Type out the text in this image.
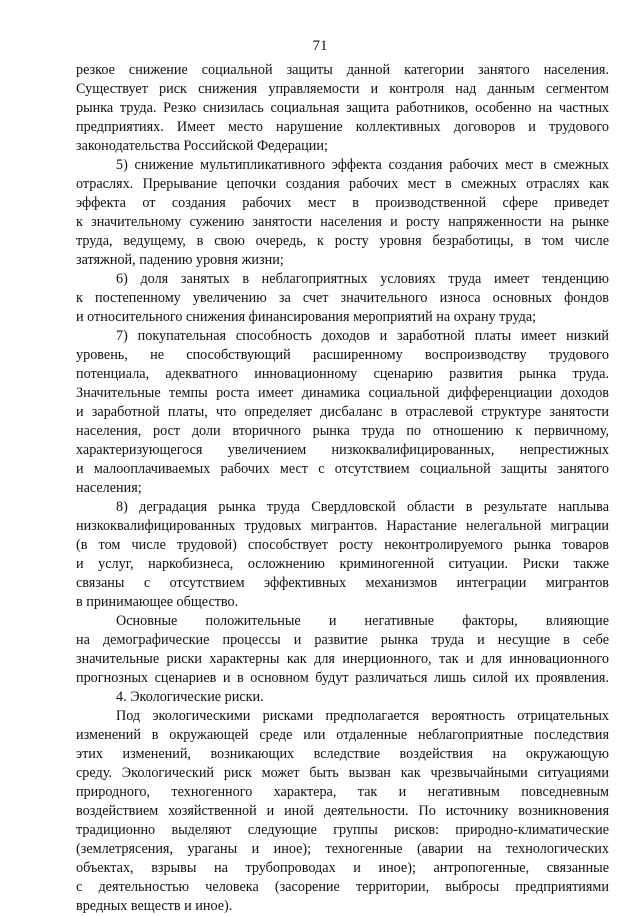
71
резкое снижение социальной защиты данной категории занятого населения.
Существует риск снижения управляемости и контроля над данным сегментом
рынка труда. Резко снизилась социальная защита работников, особенно на частных
предприятиях. Имеет место нарушение коллективных договоров и трудового
законодательства Российской Федерации;
5) снижение мультипликативного эффекта создания рабочих мест в смежных
отраслях. Прерывание цепочки создания рабочих мест в смежных отраслях как
эффекта от создания рабочих мест в производственной сфере приведет
к значительному сужению занятости населения и росту напряженности на рынке
труда, ведущему, в свою очередь, к росту уровня безработицы, в том числе
затяжной, падению уровня жизни;
6) доля занятых в неблагоприятных условиях труда имеет тенденцию
к постепенному увеличению за счет значительного износа основных фондов
и относительного снижения финансирования мероприятий на охрану труда;
7) покупательная способность доходов и заработной платы имеет низкий
уровень, не способствующий расширенному воспроизводству трудового
потенциала, адекватного инновационному сценарию развития рынка труда.
Значительные темпы роста имеет динамика социальной дифференциации доходов
и заработной платы, что определяет дисбаланс в отраслевой структуре занятости
населения, рост доли вторичного рынка труда по отношению к первичному,
характеризующегося увеличением низкоквалифицированных, непрестижных
и малооплачиваемых рабочих мест с отсутствием социальной защиты занятого
населения;
8) деградация рынка труда Свердловской области в результате наплыва
низкоквалифицированных трудовых мигрантов. Нарастание нелегальной миграции
(в том числе трудовой) способствует росту неконтролируемого рынка товаров
и услуг, наркобизнеса, осложнению криминогенной ситуации. Риски также
связаны с отсутствием эффективных механизмов интеграции мигрантов
в принимающее общество.
Основные положительные и негативные факторы, влияющие
на демографические процессы и развитие рынка труда и несущие в себе
значительные риски характерны как для инерционного, так и для инновационного
прогнозных сценариев и в основном будут различаться лишь силой их проявления.
4. Экологические риски.
Под экологическими рисками предполагается вероятность отрицательных
изменений в окружающей среде или отдаленные неблагоприятные последствия
этих изменений, возникающих вследствие воздействия на окружающую
среду. Экологический риск может быть вызван как чрезвычайными ситуациями
природного, техногенного характера, так и негативным повседневным
воздействием хозяйственной и иной деятельности. По источнику возникновения
традиционно выделяют следующие группы рисков: природно-климатические
(землетрясения, ураганы и иное); техногенные (аварии на технологических
объектах, взрывы на трубопроводах и иное); антропогенные, связанные
с деятельностью человека (засорение территории, выбросы предприятиями
вредных веществ и иное).
